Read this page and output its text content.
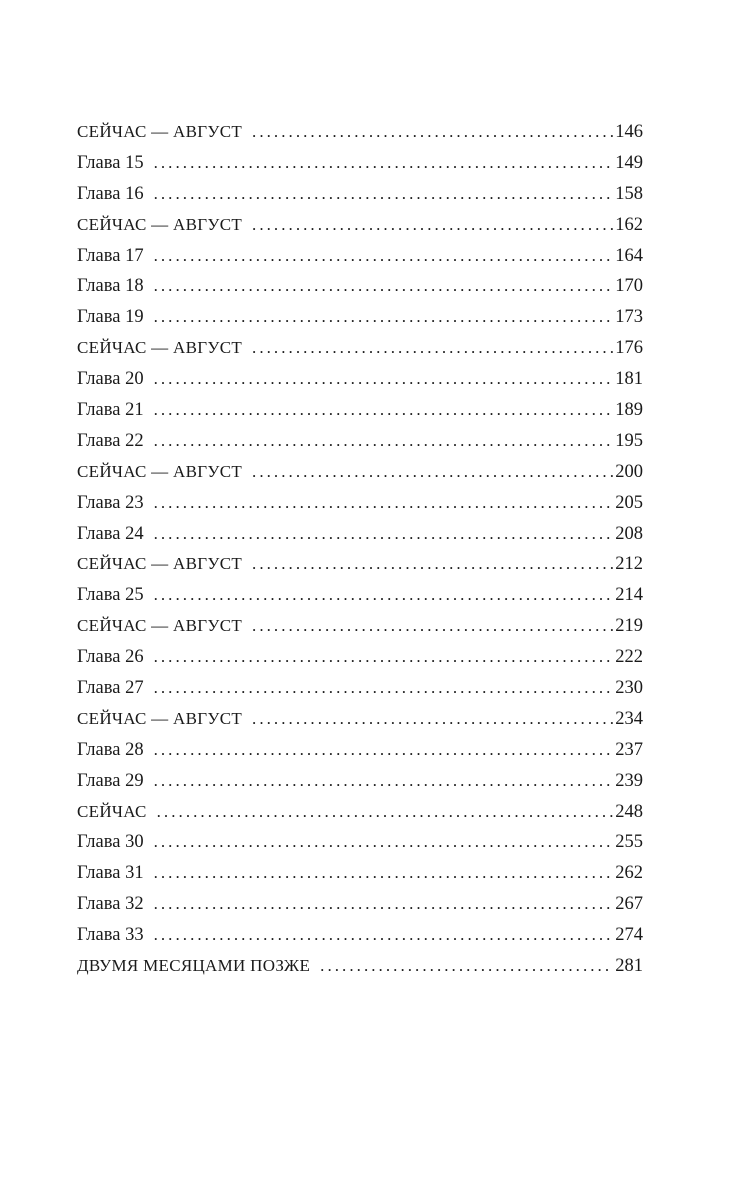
СЕЙЧАС — АВГУСТ . . .	146
Глава 15 . . .	149
Глава 16 . . .	158
СЕЙЧАС — АВГУСТ . . .	162
Глава 17 . . .	164
Глава 18 . . .	170
Глава 19 . . .	173
СЕЙЧАС — АВГУСТ . . .	176
Глава 20 . . .	181
Глава 21 . . .	189
Глава 22 . . .	195
СЕЙЧАС — АВГУСТ . . .	200
Глава 23 . . .	205
Глава 24 . . .	208
СЕЙЧАС — АВГУСТ . . .	212
Глава 25 . . .	214
СЕЙЧАС — АВГУСТ . . .	219
Глава 26 . . .	222
Глава 27 . . .	230
СЕЙЧАС — АВГУСТ . . .	234
Глава 28 . . .	237
Глава 29 . . .	239
СЕЙЧАС . . .	248
Глава 30 . . .	255
Глава 31 . . .	262
Глава 32 . . .	267
Глава 33 . . .	274
ДВУМЯ МЕСЯЦАМИ ПОЗЖЕ . . .	281
